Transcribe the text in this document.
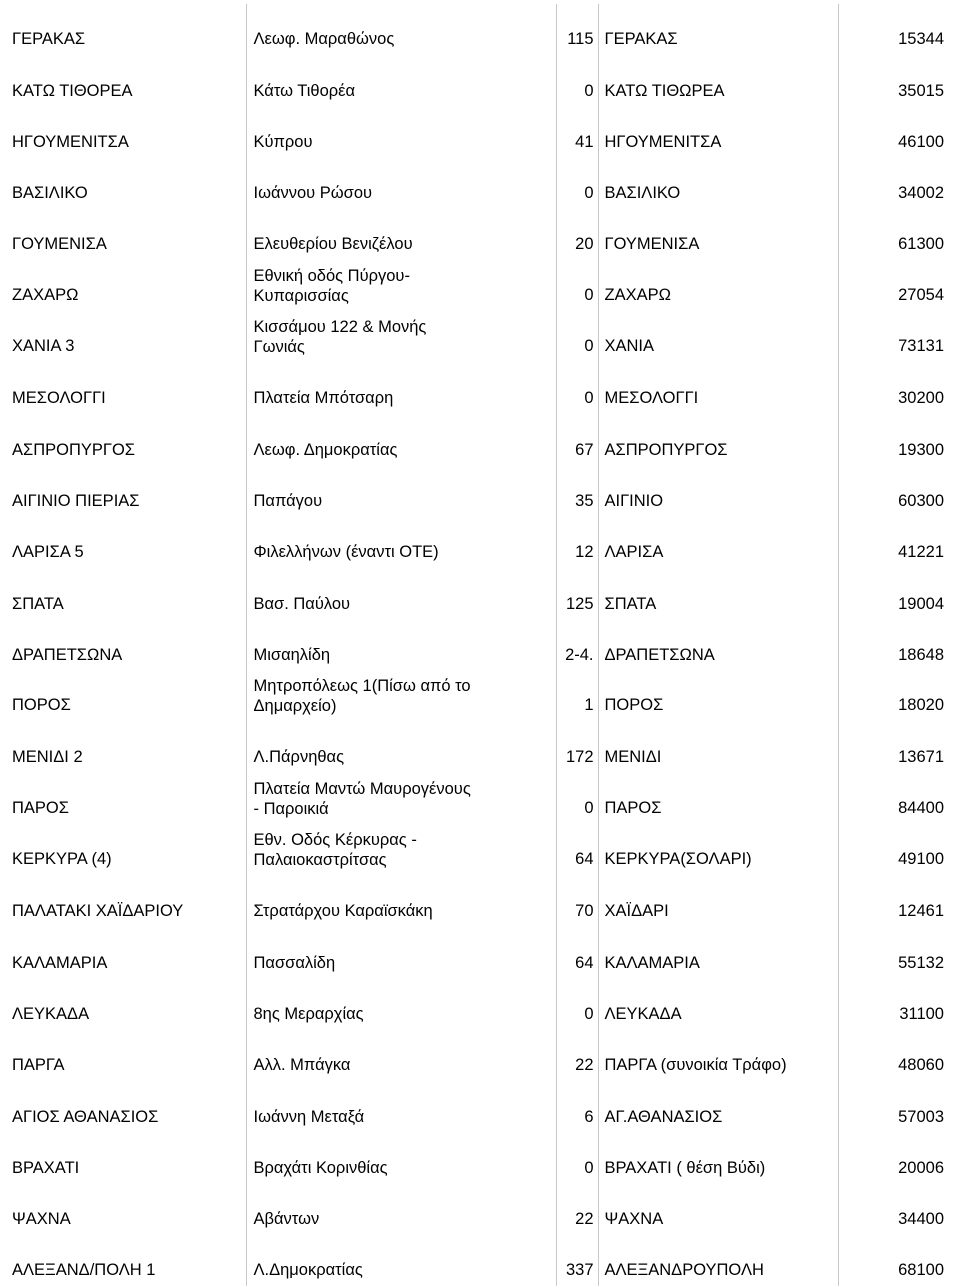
ΓΕΡΑΚΑΣ	Λεωφ. Μαραθώνος	115	ΓΕΡΑΚΑΣ	15344
ΚΑΤΩ ΤΙΘΟΡΕΑ	Κάτω Τιθορέα	0	ΚΑΤΩ ΤΙΘΩΡΕΑ	35015
ΗΓΟΥΜΕΝΙΤΣΑ	Κύπρου	41	ΗΓΟΥΜΕΝΙΤΣΑ	46100
ΒΑΣΙΛΙΚΟ	Ιωάννου Ρώσου	0	ΒΑΣΙΛΙΚΟ	34002
ΓΟΥΜΕΝΙΣΑ	Ελευθερίου Βενιζέλου	20	ΓΟΥΜΕΝΙΣΑ	61300
ΖΑΧΑΡΩ	Εθνική οδός Πύργου-Κυπαρισσίας	0	ΖΑΧΑΡΩ	27054
ΧΑΝΙΑ 3	Κισσάμου 122 & Μονής Γωνιάς	0	ΧΑΝΙΑ	73131
ΜΕΣΟΛΟΓΓΙ	Πλατεία Μπότσαρη	0	ΜΕΣΟΛΟΓΓΙ	30200
ΑΣΠΡΟΠΥΡΓΟΣ	Λεωφ. Δημοκρατίας	67	ΑΣΠΡΟΠΥΡΓΟΣ	19300
ΑΙΓΙΝΙΟ ΠΙΕΡΙΑΣ	Παπάγου	35	ΑΙΓΙΝΙΟ	60300
ΛΑΡΙΣΑ 5	Φιλελλήνων (έναντι ΟΤΕ)	12	ΛΑΡΙΣΑ	41221
ΣΠΑΤΑ	Βασ. Παύλου	125	ΣΠΑΤΑ	19004
ΔΡΑΠΕΤΣΩΝΑ	Μισαηλίδη	2-4.	ΔΡΑΠΕΤΣΩΝΑ	18648
ΠΟΡΟΣ	Μητροπόλεως 1(Πίσω από το Δημαρχείο)	1	ΠΟΡΟΣ	18020
ΜΕΝΙΔΙ 2	Λ.Πάρνηθας	172	ΜΕΝΙΔΙ	13671
ΠΑΡΟΣ	Πλατεία Μαντώ Μαυρογένους - Παροικιά	0	ΠΑΡΟΣ	84400
ΚΕΡΚΥΡΑ (4)	Εθν. Οδός Κέρκυρας - Παλαιοκαστρίτσας	64	ΚΕΡΚΥΡΑ(ΣΟΛΑΡΙ)	49100
ΠΑΛΑΤΑΚΙ ΧΑΪΔΑΡΙΟΥ	Στρατάρχου Καραϊσκάκη	70	ΧΑΪΔΑΡΙ	12461
ΚΑΛΑΜΑΡΙΑ	Πασσαλίδη	64	ΚΑΛΑΜΑΡΙΑ	55132
ΛΕΥΚΑΔΑ	8ης Μεραρχίας	0	ΛΕΥΚΑΔΑ	31100
ΠΑΡΓΑ	Αλλ. Μπάγκα	22	ΠΑΡΓΑ (συνοικία Τράφο)	48060
ΑΓΙΟΣ ΑΘΑΝΑΣΙΟΣ	Ιωάννη Μεταξά	6	ΑΓ.ΑΘΑΝΑΣΙΟΣ	57003
ΒΡΑΧΑΤΙ	Βραχάτι Κορινθίας	0	ΒΡΑΧΑΤΙ ( θέση Βύδι)	20006
ΨΑΧΝΑ	Αβάντων	22	ΨΑΧΝΑ	34400
ΑΛΕΞΑΝΔ/ΠΟΛΗ 1	Λ.Δημοκρατίας	337	ΑΛΕΞΑΝΔΡΟΥΠΟΛΗ	68100
